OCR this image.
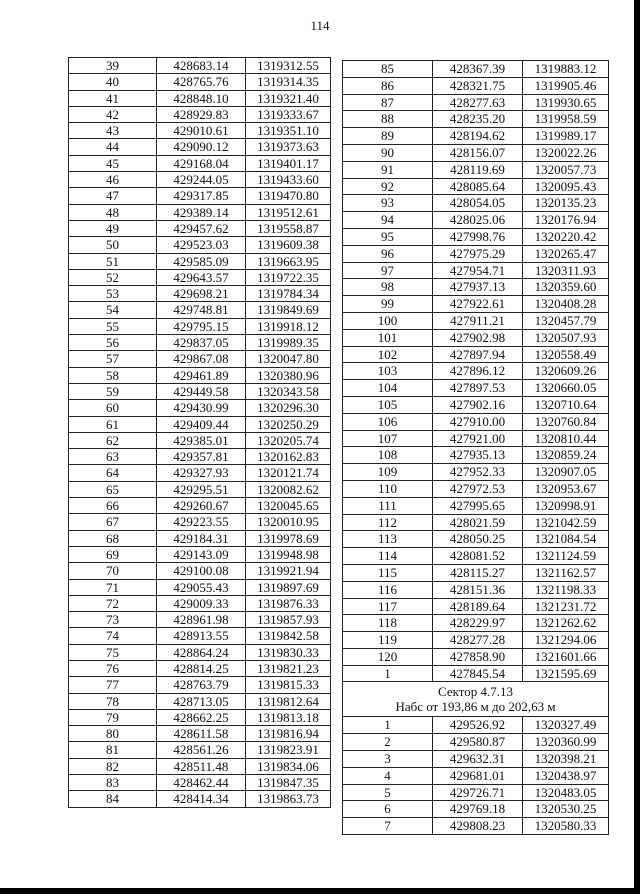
114
39	428683.14	1319312.55
40	428765.76	1319314.35
41	428848.10	1319321.40
42	428929.83	1319333.67
43	429010.61	1319351.10
44	429090.12	1319373.63
45	429168.04	1319401.17
46	429244.05	1319433.60
47	429317.85	1319470.80
48	429389.14	1319512.61
49	429457.62	1319558.87
50	429523.03	1319609.38
51	429585.09	1319663.95
52	429643.57	1319722.35
53	429698.21	1319784.34
54	429748.81	1319849.69
55	429795.15	1319918.12
56	429837.05	1319989.35
57	429867.08	1320047.80
58	429461.89	1320380.96
59	429449.58	1320343.58
60	429430.99	1320296.30
61	429409.44	1320250.29
62	429385.01	1320205.74
63	429357.81	1320162.83
64	429327.93	1320121.74
65	429295.51	1320082.62
66	429260.67	1320045.65
67	429223.55	1320010.95
68	429184.31	1319978.69
69	429143.09	1319948.98
70	429100.08	1319921.94
71	429055.43	1319897.69
72	429009.33	1319876.33
73	428961.98	1319857.93
74	428913.55	1319842.58
75	428864.24	1319830.33
76	428814.25	1319821.23
77	428763.79	1319815.33
78	428713.05	1319812.64
79	428662.25	1319813.18
80	428611.58	1319816.94
81	428561.26	1319823.91
82	428511.48	1319834.06
83	428462.44	1319847.35
84	428414.34	1319863.73
85	428367.39	1319883.12
86	428321.75	1319905.46
87	428277.63	1319930.65
88	428235.20	1319958.59
89	428194.62	1319989.17
90	428156.07	1320022.26
91	428119.69	1320057.73
92	428085.64	1320095.43
93	428054.05	1320135.23
94	428025.06	1320176.94
95	427998.76	1320220.42
96	427975.29	1320265.47
97	427954.71	1320311.93
98	427937.13	1320359.60
99	427922.61	1320408.28
100	427911.21	1320457.79
101	427902.98	1320507.93
102	427897.94	1320558.49
103	427896.12	1320609.26
104	427897.53	1320660.05
105	427902.16	1320710.64
106	427910.00	1320760.84
107	427921.00	1320810.44
108	427935.13	1320859.24
109	427952.33	1320907.05
110	427972.53	1320953.67
111	427995.65	1320998.91
112	428021.59	1321042.59
113	428050.25	1321084.54
114	428081.52	1321124.59
115	428115.27	1321162.57
116	428151.36	1321198.33
117	428189.64	1321231.72
118	428229.97	1321262.62
119	428277.28	1321294.06
120	427858.90	1321601.66
1	427845.54	1321595.69

Сектор 4.7.13
Набс от 193,86 м до 202,63 м		

1	429526.92	1320327.49
2	429580.87	1320360.99
3	429632.31	1320398.21
4	429681.01	1320438.97
5	429726.71	1320483.05
6	429769.18	1320530.25
7	429808.23	1320580.33
